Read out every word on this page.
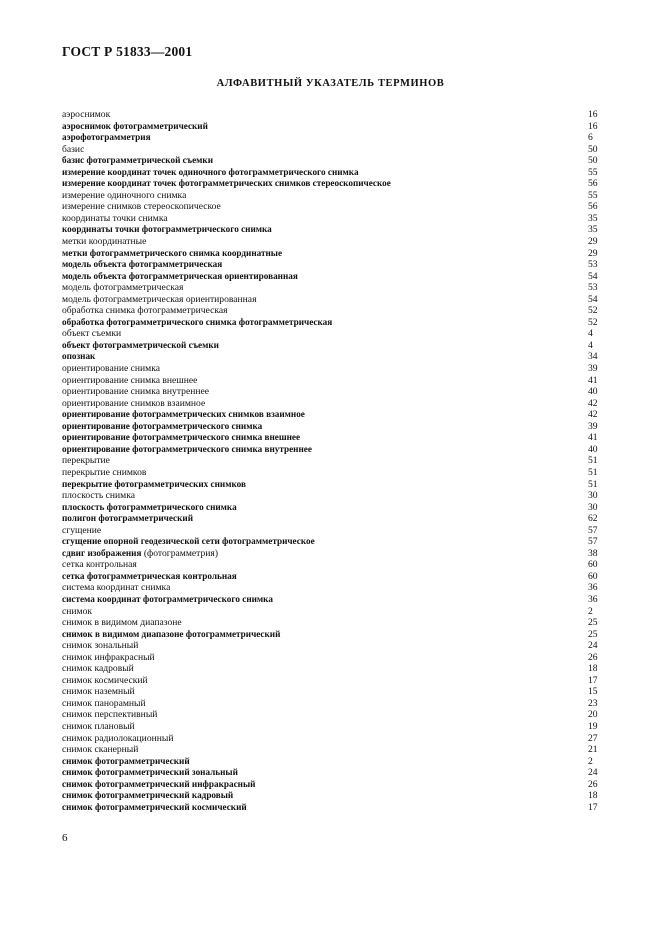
ГОСТ Р 51833—2001
АЛФАВИТНЫЙ УКАЗАТЕЛЬ ТЕРМИНОВ
аэроснимок	16
аэроснимок фотограмметрический	16
аэрофотограмметрия	6
базис	50
базис фотограмметрической съемки	50
измерение координат точек одиночного фотограмметрического снимка	55
измерение координат точек фотограмметрических снимков стереоскопическое	56
измерение одиночного снимка	55
измерение снимков стереоскопическое	56
координаты точки снимка	35
координаты точки фотограмметрического снимка	35
метки координатные	29
метки фотограмметрического снимка координатные	29
модель объекта фотограмметрическая	53
модель объекта фотограмметрическая ориентированная	54
модель фотограмметрическая	53
модель фотограмметрическая ориентированная	54
обработка снимка фотограмметрическая	52
обработка фотограмметрического снимка фотограмметрическая	52
объект съемки	4
объект фотограмметрической съемки	4
опознак	34
ориентирование снимка	39
ориентирование снимка внешнее	41
ориентирование снимка внутреннее	40
ориентирование снимков взаимное	42
ориентирование фотограмметрических снимков взаимное	42
ориентирование фотограмметрического снимка	39
ориентирование фотограмметрического снимка внешнее	41
ориентирование фотограмметрического снимка внутреннее	40
перекрытие	51
перекрытие снимков	51
перекрытие фотограмметрических снимков	51
плоскость снимка	30
плоскость фотограмметрического снимка	30
полигон фотограмметрический	62
сгущение	57
сгущение опорной геодезической сети фотограмметрическое	57
сдвиг изображения (фотограмметрия)	38
сетка контрольная	60
сетка фотограмметрическая контрольная	60
система координат снимка	36
система координат фотограмметрического снимка	36
снимок	2
снимок в видимом диапазоне	25
снимок в видимом диапазоне фотограмметрический	25
снимок зональный	24
снимок инфракрасный	26
снимок кадровый	18
снимок космический	17
снимок наземный	15
снимок панорамный	23
снимок перспективный	20
снимок плановый	19
снимок радиолокационный	27
снимок сканерный	21
снимок фотограмметрический	2
снимок фотограмметрический зональный	24
снимок фотограмметрический инфракрасный	26
снимок фотограмметрический кадровый	18
снимок фотограмметрический космический	17
6
